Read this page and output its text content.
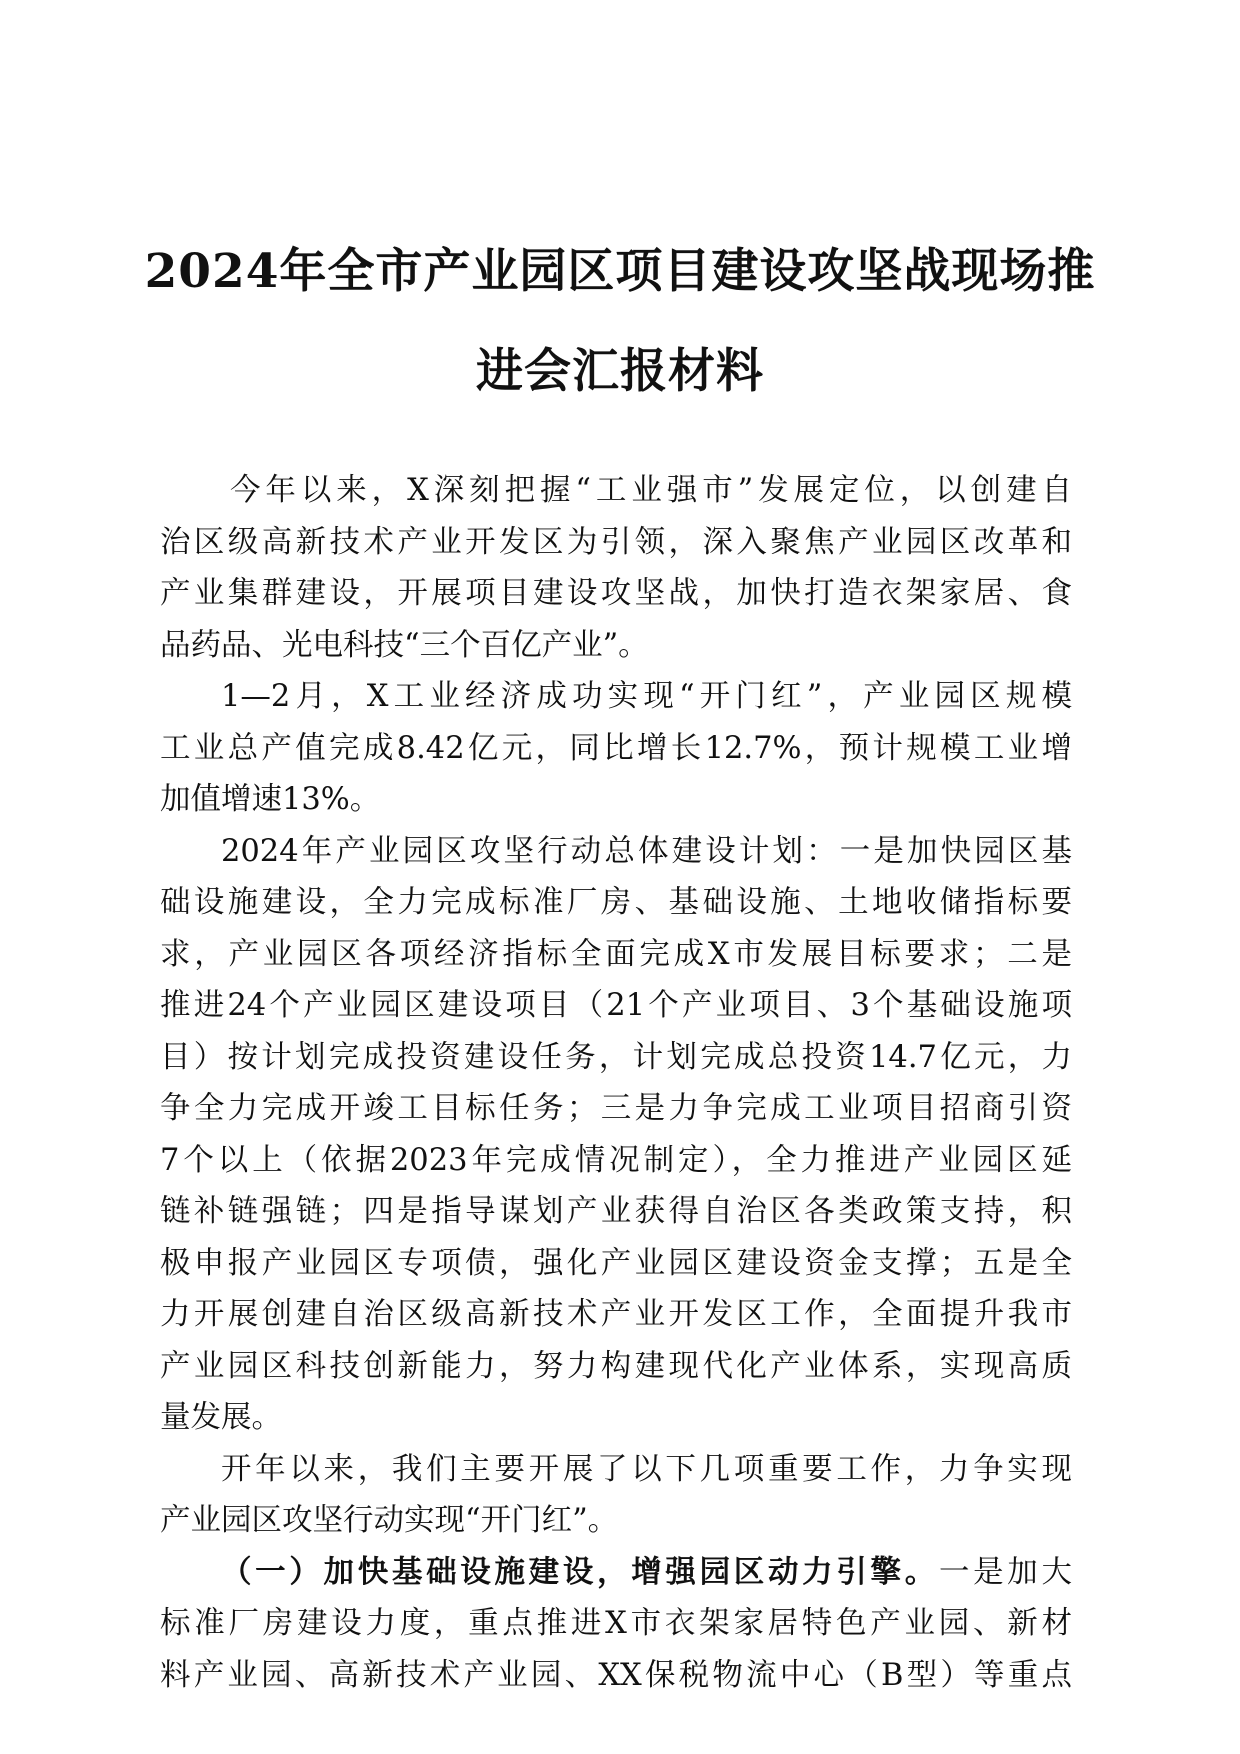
2024年全市产业园区项目建设攻坚战现场推
进会汇报材料
今年以来，X深刻把握“工业强市”发展定位，以创建自
治区级高新技术产业开发区为引领，深入聚焦产业园区改革和
产业集群建设，开展项目建设攻坚战，加快打造衣架家居、食
品药品、光电科技“三个百亿产业”。
1—2月，X工业经济成功实现“开门红”，产业园区规模
工业总产值完成8.42亿元，同比增长12.7%，预计规模工业增
加值增速13%。
2024年产业园区攻坚行动总体建设计划：一是加快园区基
础设施建设，全力完成标准厂房、基础设施、土地收储指标要
求，产业园区各项经济指标全面完成X市发展目标要求；二是
推进24个产业园区建设项目（21个产业项目、3个基础设施项
目）按计划完成投资建设任务，计划完成总投资14.7亿元，力
争全力完成开竣工目标任务；三是力争完成工业项目招商引资
7个以上（依据2023年完成情况制定），全力推进产业园区延
链补链强链；四是指导谋划产业获得自治区各类政策支持，积
极申报产业园区专项债，强化产业园区建设资金支撑；五是全
力开展创建自治区级高新技术产业开发区工作，全面提升我市
产业园区科技创新能力，努力构建现代化产业体系，实现高质
量发展。
开年以来，我们主要开展了以下几项重要工作，力争实现
产业园区攻坚行动实现“开门红”。
（一）加快基础设施建设，增强园区动力引擎。一是加大
标准厂房建设力度，重点推进X市衣架家居特色产业园、新材
料产业园、高新技术产业园、XX保税物流中心（B型）等重点
